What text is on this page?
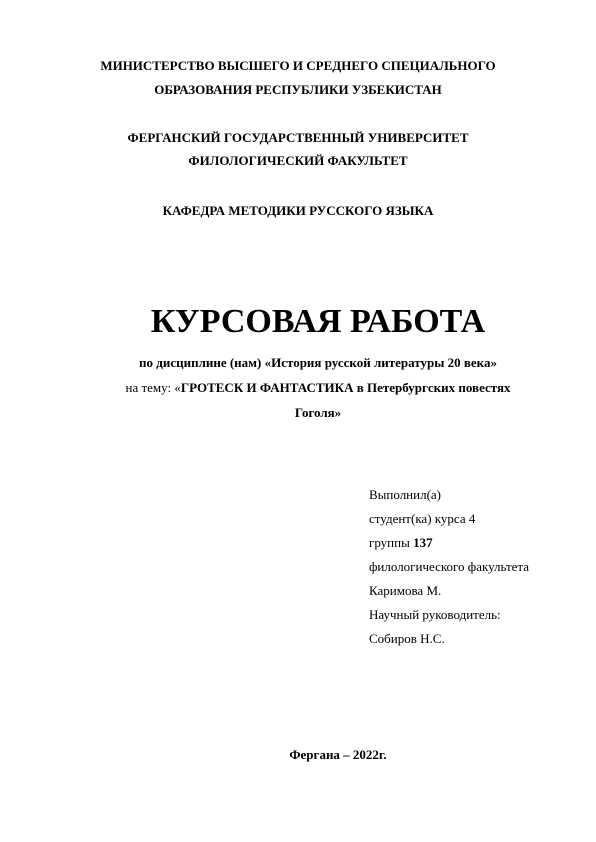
МИНИСТЕРСТВО ВЫСШЕГО И СРЕДНЕГО СПЕЦИАЛЬНОГО
ОБРАЗОВАНИЯ РЕСПУБЛИКИ УЗБЕКИСТАН
ФЕРГАНСКИЙ ГОСУДАРСТВЕННЫЙ УНИВЕРСИТЕТ
ФИЛОЛОГИЧЕСКИЙ ФАКУЛЬТЕТ
КАФЕДРА МЕТОДИКИ РУССКОГО ЯЗЫКА
КУРСОВАЯ РАБОТА
по дисциплине (нам) «История русской литературы 20 века»
на тему: «ГРОТЕСК И ФАНТАСТИКА в Петербургских повестях
Гоголя»
Выполнил(а)
студент(ка) курса 4
группы 137
филологического факультета
Каримова М.
Научный руководитель:
Собиров Н.С.
Фергана – 2022г.
